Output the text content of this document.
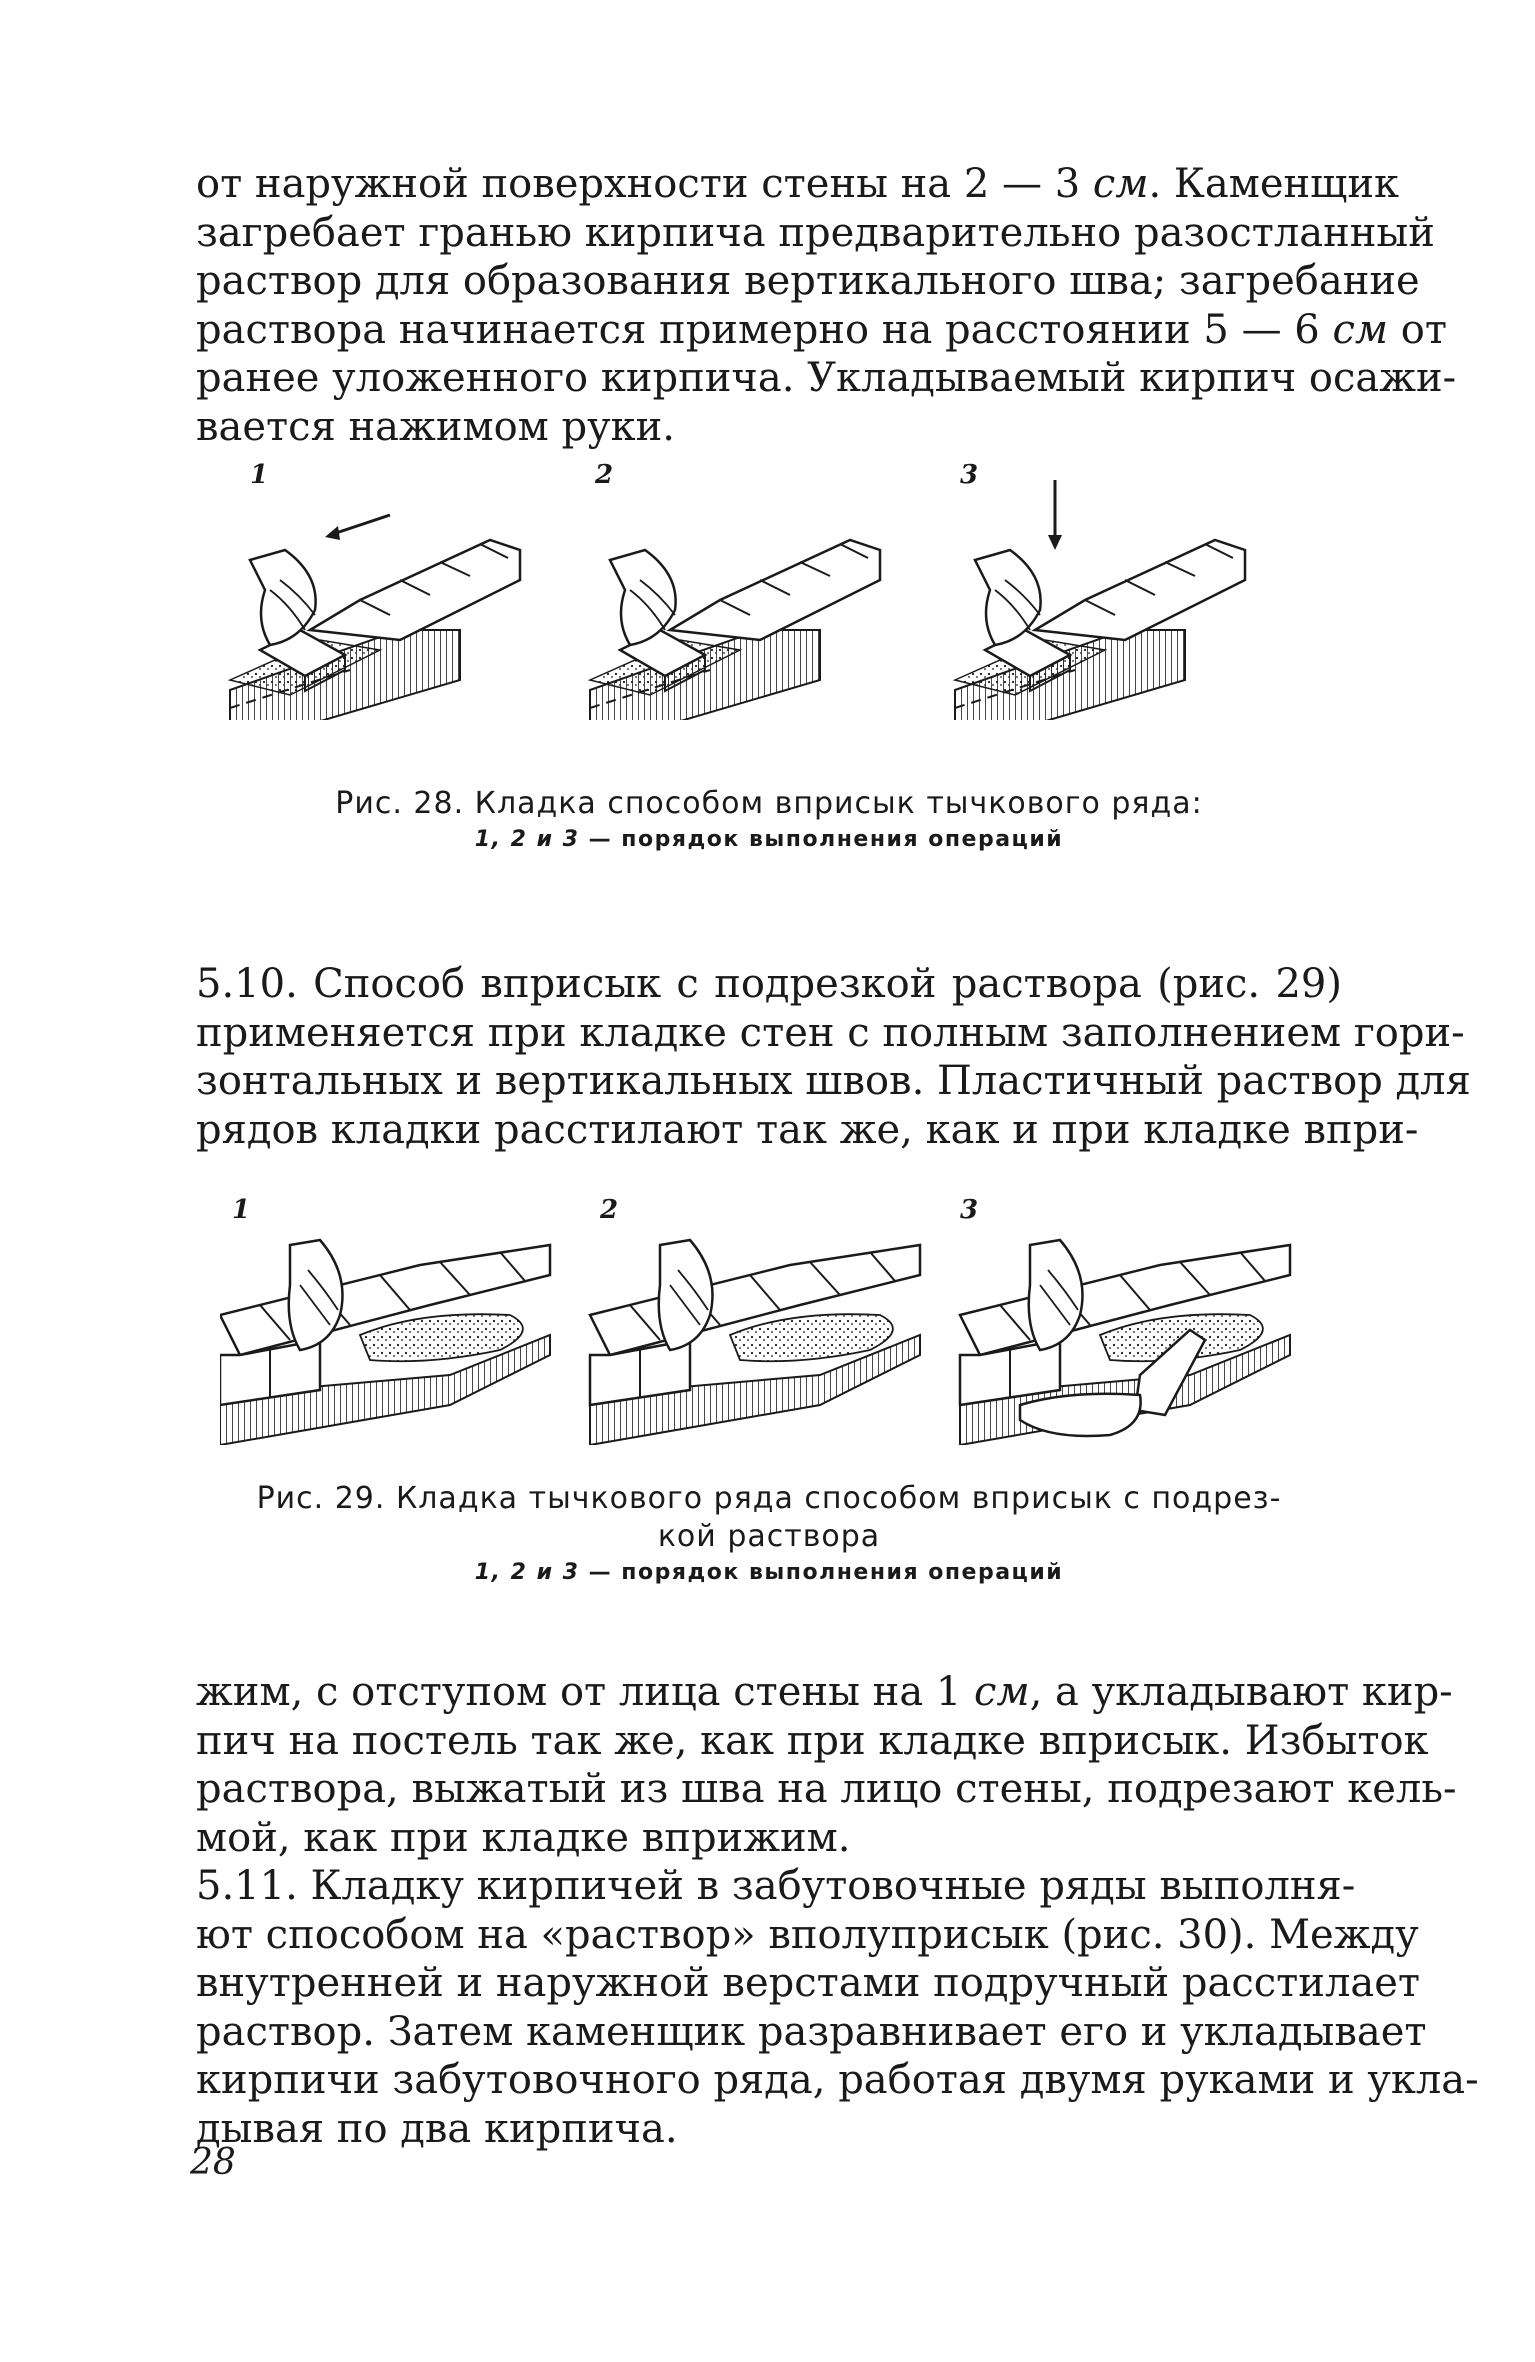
от наружной поверхности стены на 2 — 3 см. Каменщик
загребает гранью кирпича предварительно разостланный
раствор для образования вертикального шва; загребание
раствора начинается примерно на расстоянии 5 — 6 см от
ранее уложенного кирпича. Укладываемый кирпич осажи-
вается нажимом руки.
1	2	3
Рис. 28. Кладка способом вприсык тычкового ряда:
1, 2 и 3 — порядок выполнения операций
5.10. Способ вприсык с подрезкой раствора (рис. 29)
применяется при кладке стен с полным заполнением гори-
зонтальных и вертикальных швов. Пластичный раствор для
рядов кладки расстилают так же, как и при кладке впри-
1	2	3
Рис. 29. Кладка тычкового ряда способом вприсык с подрез-
кой раствора
1, 2 и 3 — порядок выполнения операций
жим, с отступом от лица стены на 1 см, а укладывают кир-
пич на постель так же, как при кладке вприсык. Избыток
раствора, выжатый из шва на лицо стены, подрезают кель-
мой, как при кладке вприжим.
5.11. Кладку кирпичей в забутовочные ряды выполня-
ют способом на «раствор» вполуприсык (рис. 30). Между
внутренней и наружной верстами подручный расстилает
раствор. Затем каменщик разравнивает его и укладывает
кирпичи забутовочного ряда, работая двумя руками и укла-
дывая по два кирпича.
28
